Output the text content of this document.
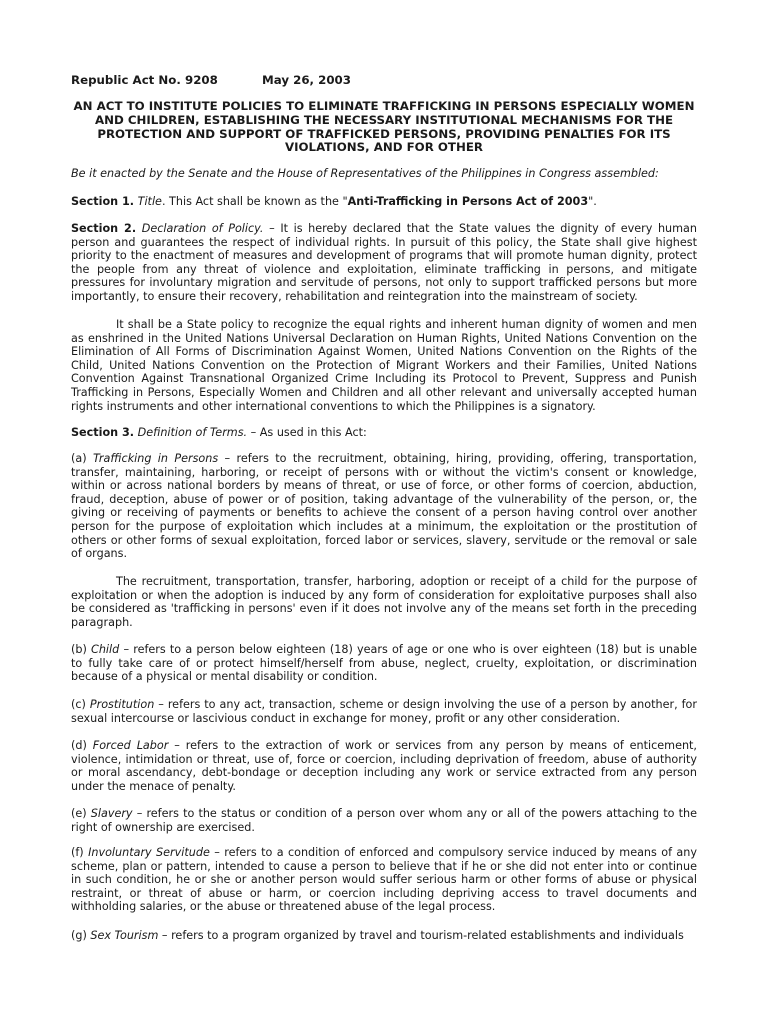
Republic Act No. 9208	May 26, 2003

AN ACT TO INSTITUTE POLICIES TO ELIMINATE TRAFFICKING IN PERSONS ESPECIALLY WOMEN AND CHILDREN, ESTABLISHING THE NECESSARY INSTITUTIONAL MECHANISMS FOR THE PROTECTION AND SUPPORT OF TRAFFICKED PERSONS, PROVIDING PENALTIES FOR ITS VIOLATIONS, AND FOR OTHER

Be it enacted by the Senate and the House of Representatives of the Philippines in Congress assembled:

Section 1. Title. This Act shall be known as the "Anti-Trafficking in Persons Act of 2003".

Section 2. Declaration of Policy. – It is hereby declared that the State values the dignity of every human person and guarantees the respect of individual rights. In pursuit of this policy, the State shall give highest priority to the enactment of measures and development of programs that will promote human dignity, protect the people from any threat of violence and exploitation, eliminate trafficking in persons, and mitigate pressures for involuntary migration and servitude of persons, not only to support trafficked persons but more importantly, to ensure their recovery, rehabilitation and reintegration into the mainstream of society.

It shall be a State policy to recognize the equal rights and inherent human dignity of women and men as enshrined in the United Nations Universal Declaration on Human Rights, United Nations Convention on the Elimination of All Forms of Discrimination Against Women, United Nations Convention on the Rights of the Child, United Nations Convention on the Protection of Migrant Workers and their Families, United Nations Convention Against Transnational Organized Crime Including its Protocol to Prevent, Suppress and Punish Trafficking in Persons, Especially Women and Children and all other relevant and universally accepted human rights instruments and other international conventions to which the Philippines is a signatory.

Section 3. Definition of Terms. – As used in this Act:

(a) Trafficking in Persons – refers to the recruitment, obtaining, hiring, providing, offering, transportation, transfer, maintaining, harboring, or receipt of persons with or without the victim's consent or knowledge, within or across national borders by means of threat, or use of force, or other forms of coercion, abduction, fraud, deception, abuse of power or of position, taking advantage of the vulnerability of the person, or, the giving or receiving of payments or benefits to achieve the consent of a person having control over another person for the purpose of exploitation which includes at a minimum, the exploitation or the prostitution of others or other forms of sexual exploitation, forced labor or services, slavery, servitude or the removal or sale of organs.

The recruitment, transportation, transfer, harboring, adoption or receipt of a child for the purpose of exploitation or when the adoption is induced by any form of consideration for exploitative purposes shall also be considered as 'trafficking in persons' even if it does not involve any of the means set forth in the preceding paragraph.

(b) Child – refers to a person below eighteen (18) years of age or one who is over eighteen (18) but is unable to fully take care of or protect himself/herself from abuse, neglect, cruelty, exploitation, or discrimination because of a physical or mental disability or condition.

(c) Prostitution – refers to any act, transaction, scheme or design involving the use of a person by another, for sexual intercourse or lascivious conduct in exchange for money, profit or any other consideration.

(d) Forced Labor – refers to the extraction of work or services from any person by means of enticement, violence, intimidation or threat, use of, force or coercion, including deprivation of freedom, abuse of authority or moral ascendancy, debt-bondage or deception including any work or service extracted from any person under the menace of penalty.

(e) Slavery – refers to the status or condition of a person over whom any or all of the powers attaching to the right of ownership are exercised.

(f) Involuntary Servitude – refers to a condition of enforced and compulsory service induced by means of any scheme, plan or pattern, intended to cause a person to believe that if he or she did not enter into or continue in such condition, he or she or another person would suffer serious harm or other forms of abuse or physical restraint, or threat of abuse or harm, or coercion including depriving access to travel documents and withholding salaries, or the abuse or threatened abuse of the legal process.

(g) Sex Tourism – refers to a program organized by travel and tourism-related establishments and individuals
